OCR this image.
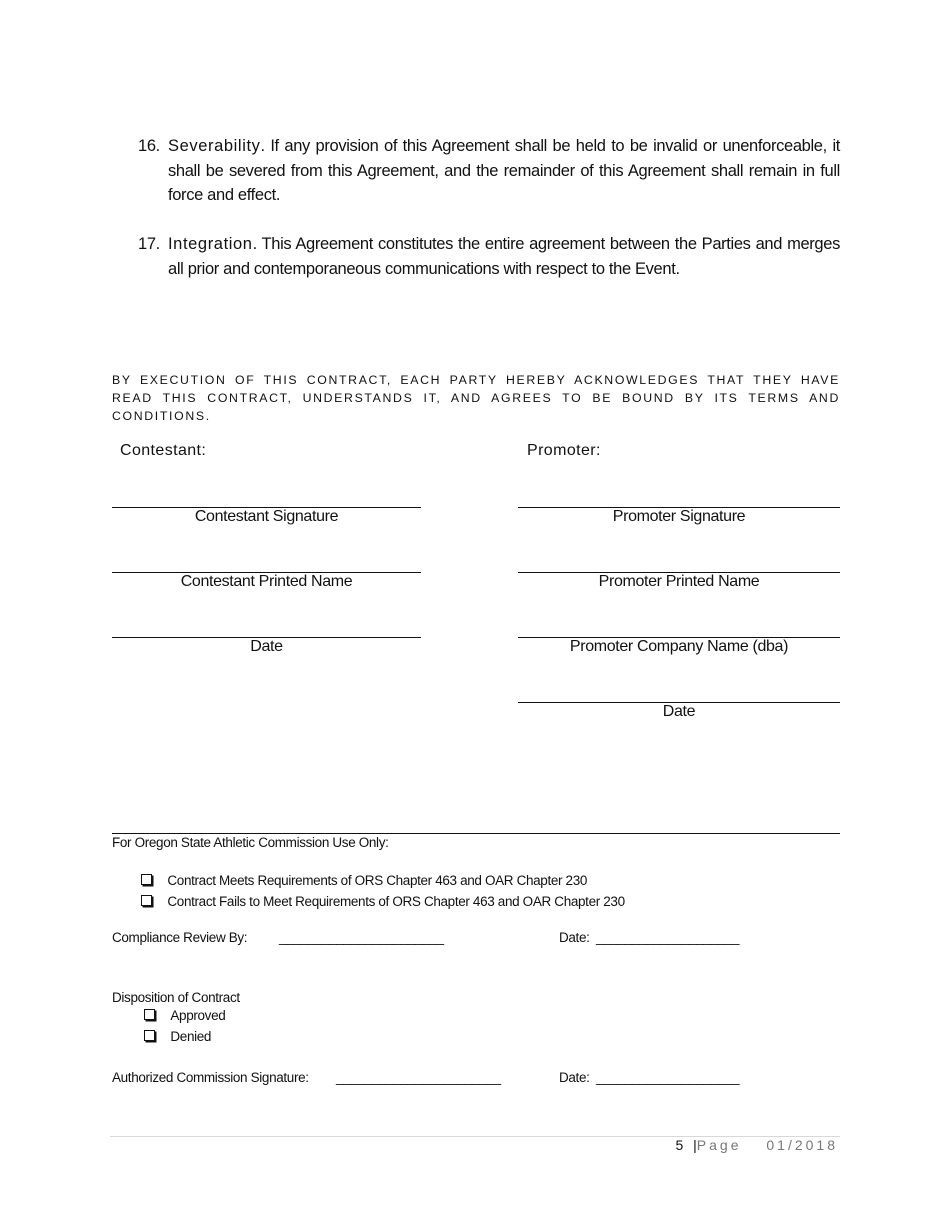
16. Severability. If any provision of this Agreement shall be held to be invalid or unenforceable, it shall be severed from this Agreement, and the remainder of this Agreement shall remain in full force and effect.
17. Integration. This Agreement constitutes the entire agreement between the Parties and merges all prior and contemporaneous communications with respect to the Event.
BY EXECUTION OF THIS CONTRACT, EACH PARTY HEREBY ACKNOWLEDGES THAT THEY HAVE READ THIS CONTRACT, UNDERSTANDS IT, AND AGREES TO BE BOUND BY ITS TERMS AND CONDITIONS.
Contestant:	Promoter:
Contestant Signature
Contestant Printed Name
Date
Promoter Signature
Promoter Printed Name
Promoter Company Name (dba)
Date
For Oregon State Athletic Commission Use Only:
Contract Meets Requirements of ORS Chapter 463 and OAR Chapter 230
Contract Fails to Meet Requirements of ORS Chapter 463 and OAR Chapter 230
Compliance Review By: _______________________	Date: ____________________
Disposition of Contract
Approved
Denied
Authorized Commission Signature: _______________________	Date: ____________________
5 |Page 01/2018
